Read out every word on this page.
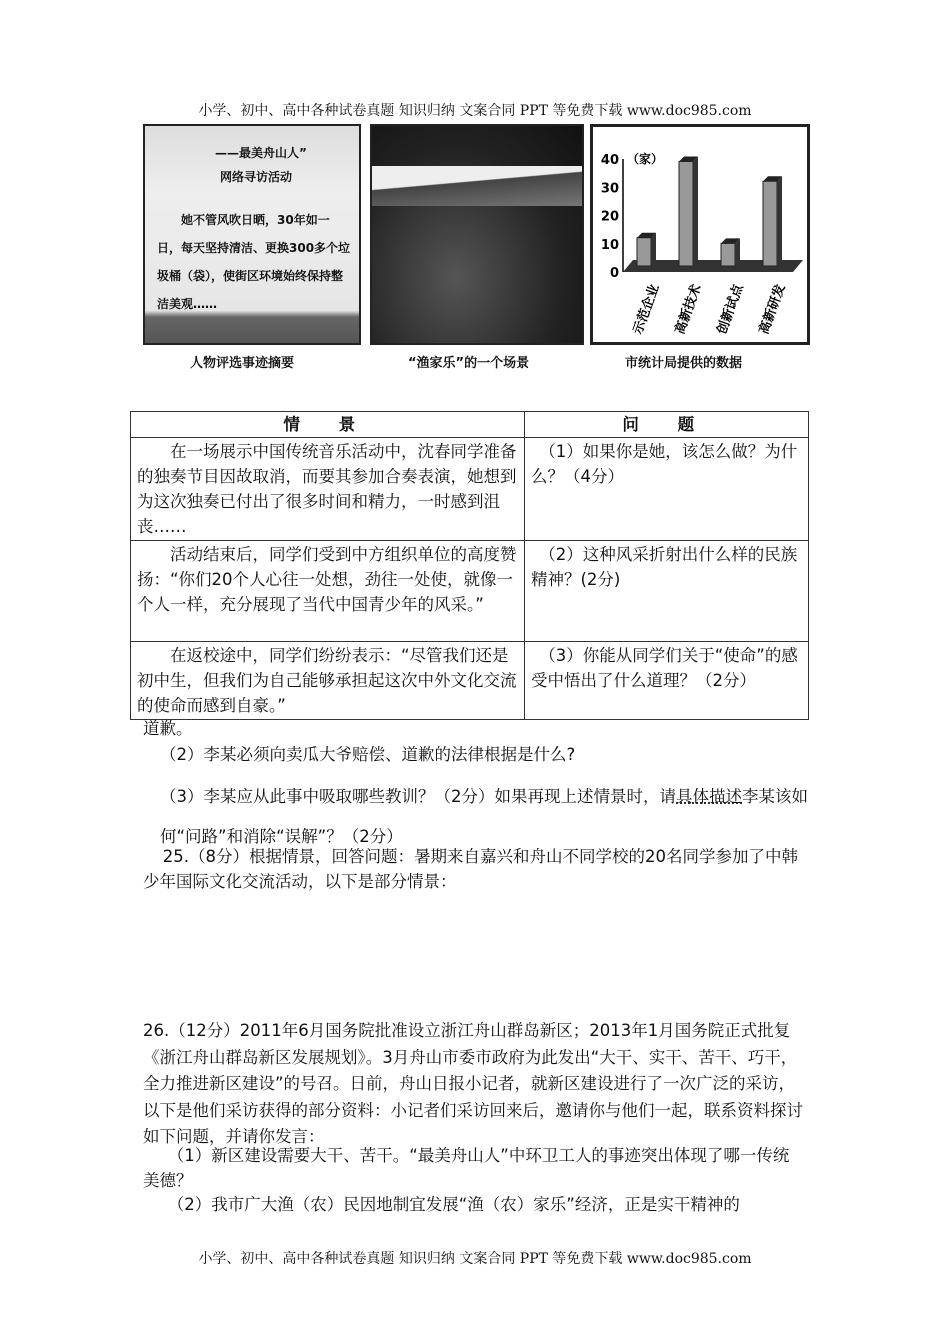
小学、初中、高中各种试卷真题 知识归纳 文案合同 PPT 等免费下载 www.doc985.com
——最美舟山人”
网络寻访活动
她不管风吹日晒，30年如一日，每天坚持清洁、更换300多个垃圾桶（袋），使街区环境始终保持整洁美观……
人物评选事迹摘要	“渔家乐”的一个场景
0
10
20
30
40 （家）
示范企业 高新技术 创新试点 高新研发
市统计局提供的数据
情 景	问 题
在一场展示中国传统音乐活动中，沈春同学准备的独奏节目因故取消，而要其参加合奏表演，她想到为这次独奏已付出了很多时间和精力，一时感到沮丧……	（1）如果你是她，该怎么做？为什么？（4分）
活动结束后，同学们受到中方组织单位的高度赞扬：“你们20个人心往一处想，劲往一处使，就像一个人一样，充分展现了当代中国青少年的风采。”	（2）这种风采折射出什么样的民族精神？(2分)
在返校途中，同学们纷纷表示：“尽管我们还是初中生，但我们为自己能够承担起这次中外文化交流的使命而感到自豪。”	（3）你能从同学们关于“使命”的感受中悟出了什么道理？（2分）
道歉。
（2）李某必须向卖瓜大爷赔偿、道歉的法律根据是什么?
（3）李某应从此事中吸取哪些教训？（2分）如果再现上述情景时，请具体描述李某该如何“问路”和消除“误解”？（2分）
25.（8分）根据情景，回答问题：暑期来自嘉兴和舟山不同学校的20名同学参加了中韩少年国际文化交流活动，以下是部分情景：
26.（12分）2011年6月国务院批准设立浙江舟山群岛新区；2013年1月国务院正式批复《浙江舟山群岛新区发展规划》。3月舟山市委市政府为此发出“大干、实干、苦干、巧干，全力推进新区建设”的号召。日前，舟山日报小记者，就新区建设进行了一次广泛的采访，以下是他们采访获得的部分资料：小记者们采访回来后，邀请你与他们一起，联系资料探讨如下问题，并请你发言：
（1）新区建设需要大干、苦干。“最美舟山人”中环卫工人的事迹突出体现了哪一传统美德？
（2）我市广大渔（农）民因地制宜发展“渔（农）家乐”经济，正是实干精神的
小学、初中、高中各种试卷真题 知识归纳 文案合同 PPT 等免费下载 www.doc985.com
